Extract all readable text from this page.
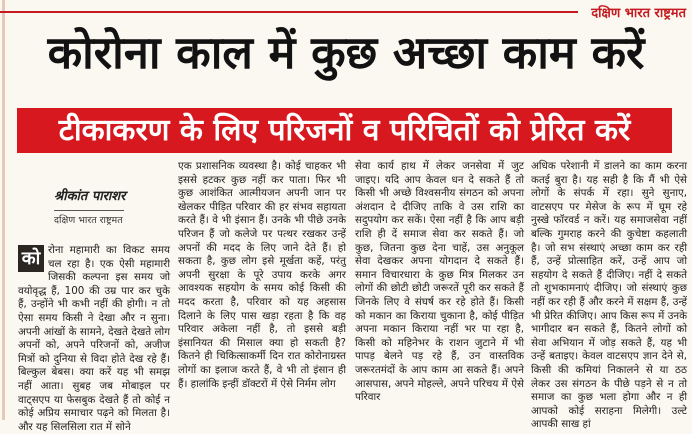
दक्षिण भारत राष्ट्रमत
कोरोना काल में कुछ अच्छा काम करें
टीकाकरण के लिए परिजनों व परिचितों को प्रेरित करें
श्रीकांत पाराशर
दक्षिण भारत राष्ट्रमत

को रोना महामारी का विकट समय चल रहा है। एक ऐसी महामारी जिसकी कल्पना इस समय जो वयोवृद्ध हैं, 100 की उम्र पार कर चुके हैं, उन्होंने भी कभी नहीं की होगी। न तो ऐसा समय किसी ने देखा और न सुना। अपनी आंखों के सामने, देखते देखते लोग अपनों को, अपने परिजनों को, अजीज मित्रों को दुनिया से विदा होते देख रहे हैं। बिल्कुल बेबस। क्या करें यह भी समझ नहीं आता। सुबह जब मोबाइल पर वाट्सएप या फेसबुक देखते हैं तो कोई न कोई अप्रिय समाचार पढ़ने को मिलता है। और यह सिलसिला रात में सोने

एक प्रशासनिक व्यवस्था है। कोई चाहकर भी इससे हटकर कुछ नहीं कर पाता। फिर भी कुछ आशंकित आत्मीयजन अपनी जान पर खेलकर पीड़ित परिवार की हर संभव सहायता करते हैं। वे भी इंसान हैं। उनके भी पीछे उनके परिजन हैं जो कलेजे पर पत्थर रखकर उन्हें अपनों की मदद के लिए जाने देते हैं। हो सकता है, कुछ लोग इसे मूर्खता कहें, परंतु अपनी सुरक्षा के पूरे उपाय करके अगर आवश्यक सहयोग के समय कोई किसी की मदद करता है, परिवार को यह अहसास दिलाने के लिए पास खड़ा रहता है कि वह परिवार अकेला नहीं है, तो इससे बड़ी इंसानियत की मिसाल क्या हो सकती है? कितने ही चिकित्साकर्मी दिन रात कोरोनाग्रस्त लोगों का इलाज करते हैं, वे भी तो इंसान ही हैं। हालांकि इन्हीं डॉक्टरों में ऐसे निर्मम लोग

सेवा कार्य हाथ में लेकर जनसेवा में जुट जाइए। यदि आप केवल धन दे सकते हैं तो किसी भी अच्छे विश्वसनीय संगठन को अपना अंशदान दे दीजिए ताकि वे उस राशि का सदुपयोग कर सकें। ऐसा नहीं है कि आप बड़ी राशि ही दें समाज सेवा कर सकते हैं। जो कुछ, जितना कुछ देना चाहें, उस अनुकूल सेवा देखकर अपना योगदान दे सकते हैं। समान विचारधारा के कुछ मित्र मिलकर उन लोगों की छोटी छोटी जरूरतें पूरी कर सकते हैं जिनके लिए वे संघर्ष कर रहे होते हैं। किसी को मकान का किराया चुकाना है, कोई पीड़ित अपना मकान किराया नहीं भर पा रहा है, किसी को महिनेभर के राशन जुटाने में भी पापड़ बेलने पड़ रहे हैं, उन वास्तविक जरूरतमंदों के आप काम आ सकते हैं। अपने आसपास, अपने मोहल्ले, अपने परिचय में ऐसे परिवार

अधिक परेशानी में डालने का काम करना कतई बुरा है। यह सही है कि मैं भी ऐसे लोगों के संपर्क में रहा। सुने सुनाए, वाटसएप पर मेसेज के रूप में घूम रहे नुस्खे फॉरवर्ड न करें। यह समाजसेवा नहीं बल्कि गुमराह करने की कुचेष्टा कहलाती है। जो सभ संस्थाएं अच्छा काम कर रही हैं, उन्हें प्रोत्साहित करें, उन्हें आप जो सहयोग दे सकते हैं दीजिए। नहीं दे सकते तो शुभकामनाएं दीजिए। जो संस्थाएं कुछ नहीं कर रही हैं और करने में सक्षम हैं, उन्हें भी प्रेरित कीजिए। आप किस रूप में उनके भागीदार बन सकते हैं, कितने लोगों को सेवा अभियान में जोड़ सकते हैं, यह भी उन्हें बताइए। केवल वाटसएप ज्ञान देने से, किसी की कमियां निकालने से या ठठ लेकर उस संगठन के पीछे पड़ने से न तो समाज का कुछ भला होगा और न ही आपको कोई सराहना मिलेगी। उल्टे आपकी साख हां
